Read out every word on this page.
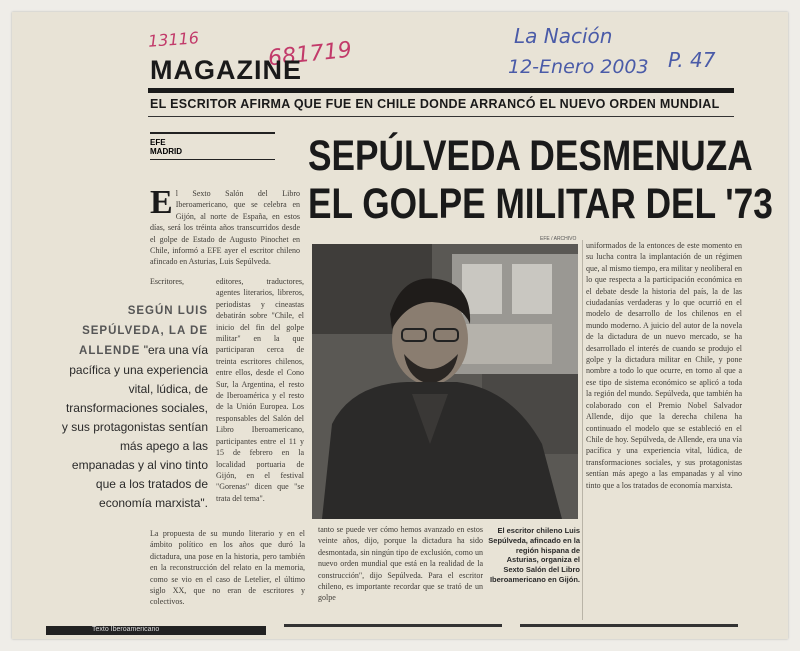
13116	681719
La Nación
12-Enero 2003 P. 47
MAGAZINE
EL ESCRITOR AFIRMA QUE FUE EN CHILE DONDE ARRANCÓ EL NUEVO ORDEN MUNDIAL
EFE
MADRID	SEPÚLVEDA DESMENUZA
EL GOLPE MILITAR DEL '73
E l Sexto Salón del Libro Iberoamericano, que se celebra en Gijón, al norte de España, en estos días, será los tréinta años transcurridos desde el golpe de Estado de Augusto Pinochet en Chile, informó a EFE ayer el escritor chileno afincado en Asturias, Luis Sepúlveda.
Escritores,	editores, traductores, agentes literarios, libreros, periodistas y cineastas debatirán sobre "Chile, el inicio del fin del golpe militar" en la que participaran cerca de treinta escritores chilenos, entre ellos, desde el Cono Sur, la Argentina, el resto de Iberoamérica y el resto de la Unión Europea. Los responsables del Salón del Libro Iberoamericano, participantes entre el 11 y 15 de febrero en la localidad portuaria de Gijón, en el festival "Gorenas" dicen que "se trata del tema".
La propuesta de su mundo literario y en el ámbito político en los años que duró la dictadura, una pose en la historia, pero también en la reconstrucción del relato en la memoria, como se vio en el caso de Letelier, el último siglo XX, que no eran de escritores y colectivos.
tanto se puede ver cómo hemos avanzado en estos veinte años, dijo, porque la dictadura ha sido desmontada, sin ningún tipo de exclusión, como un nuevo orden mundial que está en la realidad de la construcción", dijo Sepúlveda. Para el escritor chileno, es importante recordar que se trató de un golpe
uniformados de la entonces de este momento en su lucha contra la implantación de un régimen que, al mismo tiempo, era militar y neoliberal en lo que respecta a la participación económica en el debate desde la historia del país, la de las ciudadanías verdaderas y lo que ocurrió en el modelo de desarrollo de los chilenos en el mundo moderno. A juicio del autor de la novela de la dictadura de un nuevo mercado, se ha desarrollado el interés de cuando se produjo el golpe y la dictadura militar en Chile, y pone nombre a todo lo que ocurre, en torno al que a ese tipo de sistema económico se aplicó a toda la región del mundo. Sepúlveda, que también ha colaborado con el Premio Nobel Salvador Allende, dijo que la derecha chilena ha continuado el modelo que se estableció en el Chile de hoy. Sepúlveda, de Allende, era una vía pacífica y una experiencia vital, lúdica, de transformaciones sociales, y sus protagonistas sentían más apego a las empanadas y al vino tinto que a los tratados de economía marxista.
SEGÚN LUIS SEPÚLVEDA, LA DE ALLENDE "era una vía pacífica y una experiencia vital, lúdica, de transformaciones sociales, y sus protagonistas sentían más apego a las empanadas y al vino tinto que a los tratados de economía marxista".
EFE / ARCHIVO
El escritor chileno Luis Sepúlveda, afincado en la región hispana de Asturias, organiza el Sexto Salón del Libro Iberoamericano en Gijón.
Texto Iberoamericano
